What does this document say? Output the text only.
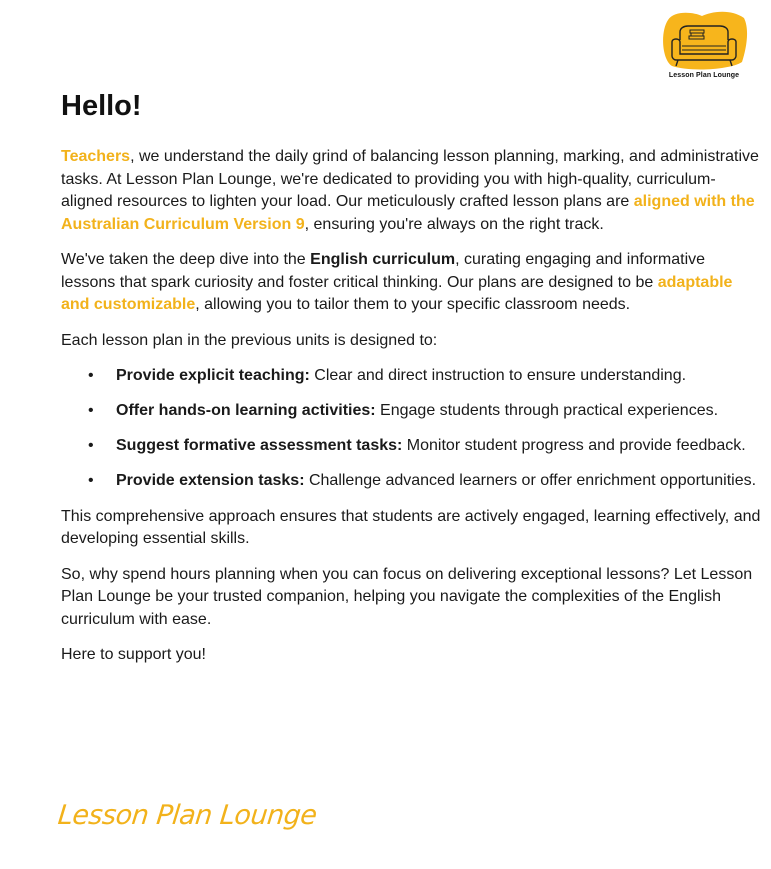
Lesson Plan Lounge
Hello!

Teachers, we understand the daily grind of balancing lesson planning, marking, and administrative tasks. At Lesson Plan Lounge, we're dedicated to providing you with high-quality, curriculum-aligned resources to lighten your load. Our meticulously crafted lesson plans are aligned with the Australian Curriculum Version 9, ensuring you're always on the right track.

We've taken the deep dive into the English curriculum, curating engaging and informative lessons that spark curiosity and foster critical thinking. Our plans are designed to be adaptable and customizable, allowing you to tailor them to your specific classroom needs.

Each lesson plan in the previous units is designed to:

• Provide explicit teaching: Clear and direct instruction to ensure understanding.
• Offer hands-on learning activities: Engage students through practical experiences.
• Suggest formative assessment tasks: Monitor student progress and provide feedback.
• Provide extension tasks: Challenge advanced learners or offer enrichment opportunities.

This comprehensive approach ensures that students are actively engaged, learning effectively, and developing essential skills.

So, why spend hours planning when you can focus on delivering exceptional lessons? Let Lesson Plan Lounge be your trusted companion, helping you navigate the complexities of the English curriculum with ease.

Here to support you!

Lesson Plan Lounge
